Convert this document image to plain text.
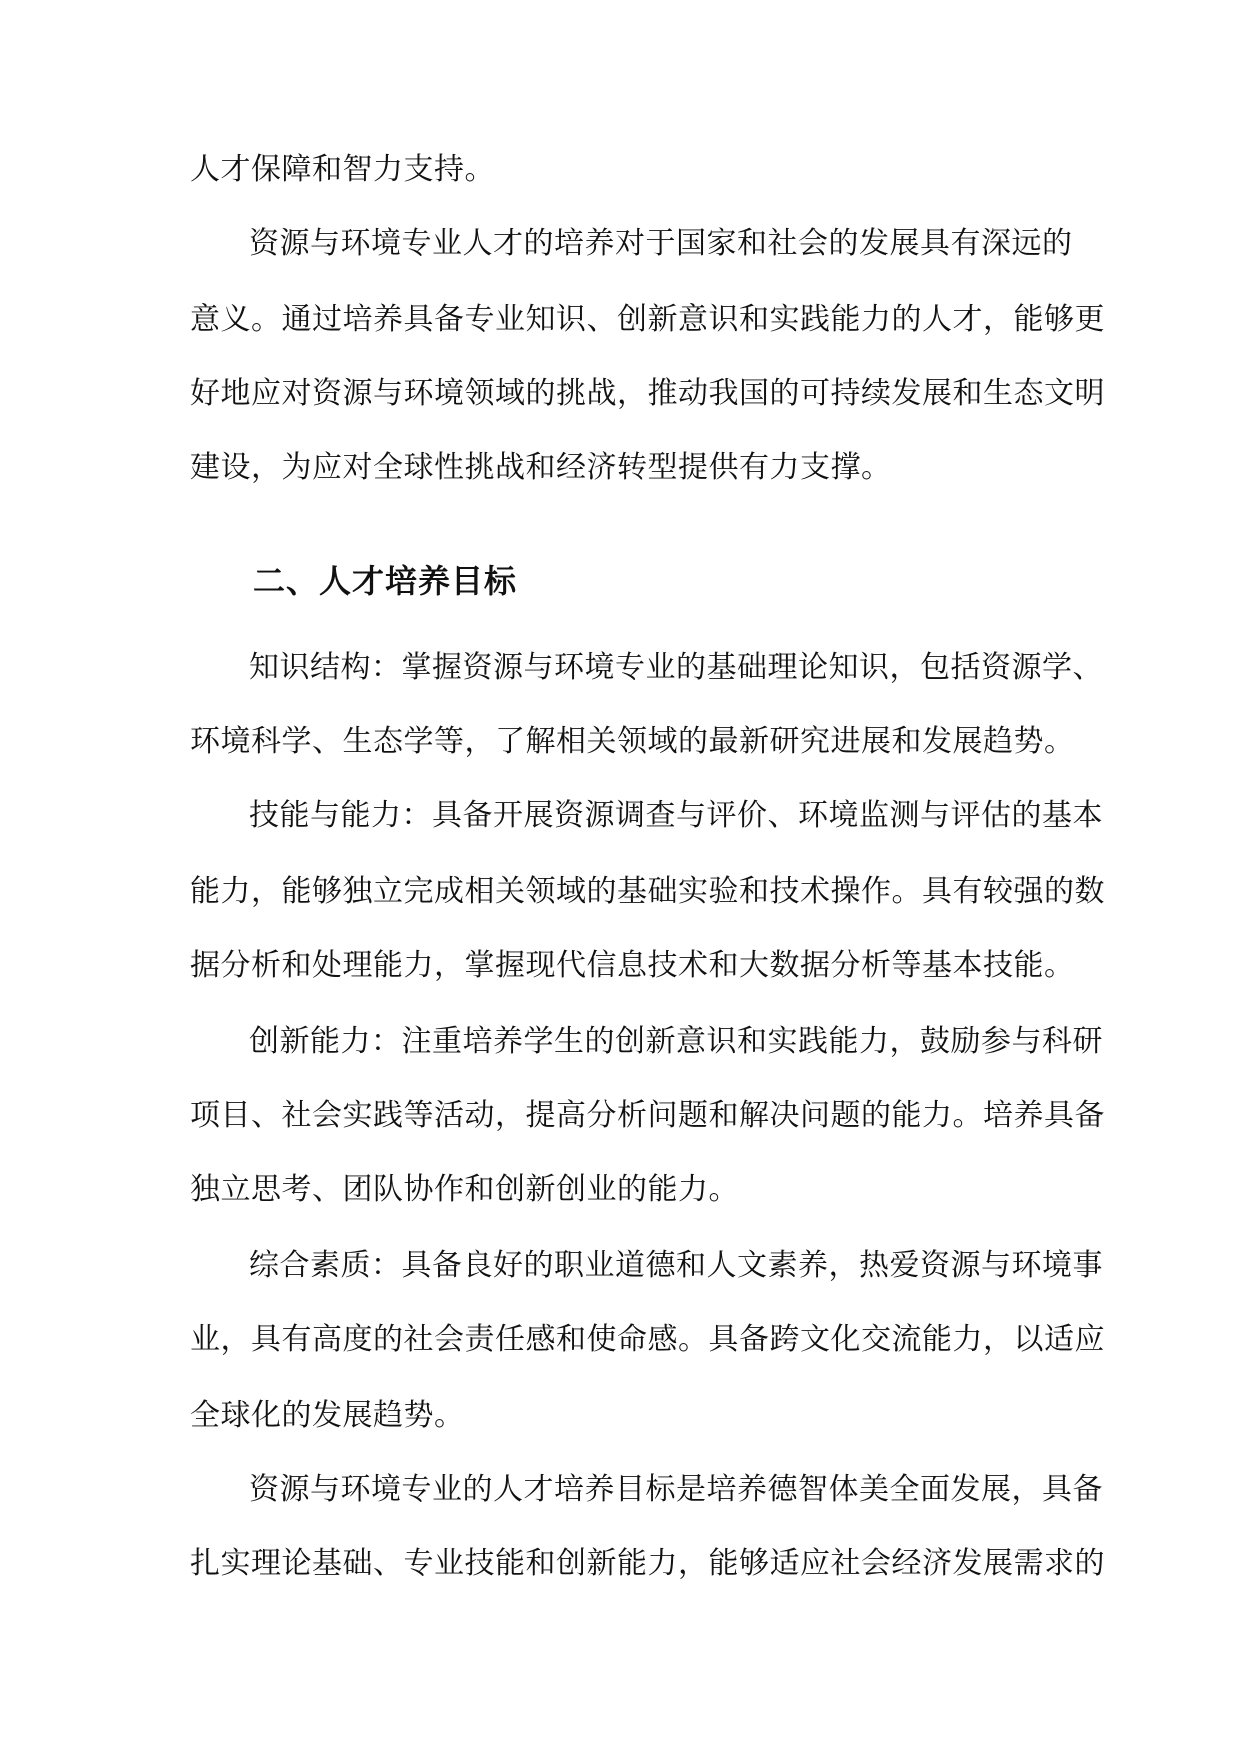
人才保障和智力支持。
资源与环境专业人才的培养对于国家和社会的发展具有深远的
意义。通过培养具备专业知识、创新意识和实践能力的人才，能够更
好地应对资源与环境领域的挑战，推动我国的可持续发展和生态文明
建设，为应对全球性挑战和经济转型提供有力支撑。
二、人才培养目标
知识结构：掌握资源与环境专业的基础理论知识，包括资源学、
环境科学、生态学等，了解相关领域的最新研究进展和发展趋势。
技能与能力：具备开展资源调查与评价、环境监测与评估的基本
能力，能够独立完成相关领域的基础实验和技术操作。具有较强的数
据分析和处理能力，掌握现代信息技术和大数据分析等基本技能。
创新能力：注重培养学生的创新意识和实践能力，鼓励参与科研
项目、社会实践等活动，提高分析问题和解决问题的能力。培养具备
独立思考、团队协作和创新创业的能力。
综合素质：具备良好的职业道德和人文素养，热爱资源与环境事
业，具有高度的社会责任感和使命感。具备跨文化交流能力，以适应
全球化的发展趋势。
资源与环境专业的人才培养目标是培养德智体美全面发展，具备
扎实理论基础、专业技能和创新能力，能够适应社会经济发展需求的
